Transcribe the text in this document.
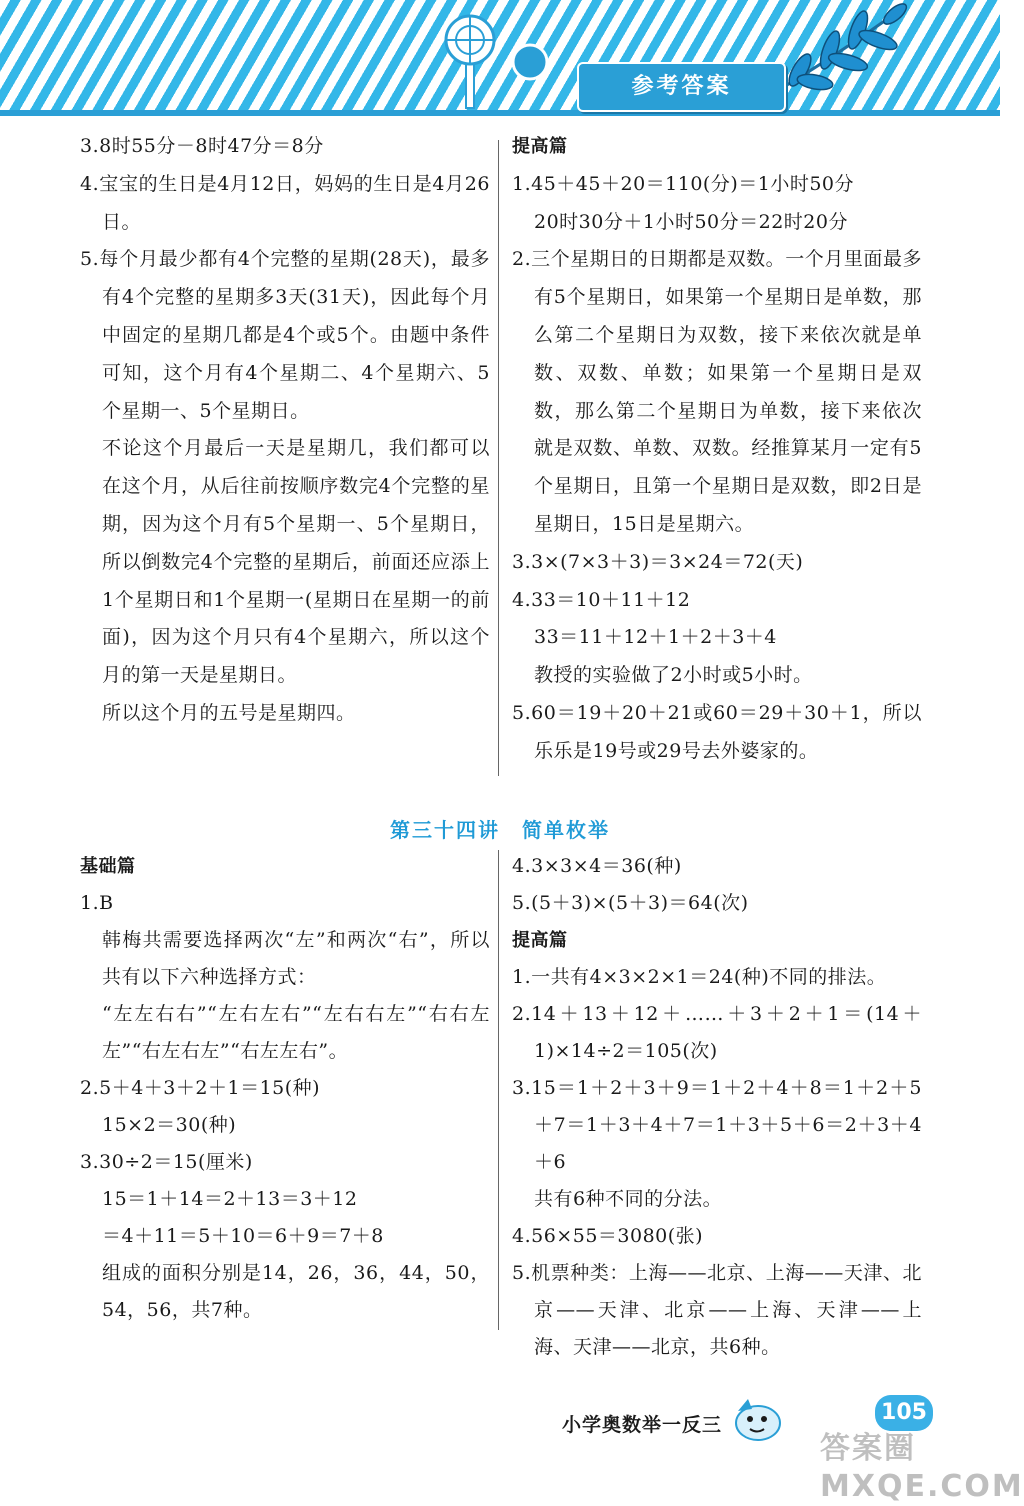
参考答案

3.8时55分－8时47分＝8分

4.宝宝的生日是4月12日，妈妈的生日是4月26日。

5.每个月最少都有4个完整的星期(28天)，最多有4个完整的星期多3天(31天)，因此每个月中固定的星期几都是4个或5个。由题中条件可知，这个月有4个星期二、4个星期六、5个星期一、5个星期日。

不论这个月最后一天是星期几，我们都可以在这个月，从后往前按顺序数完4个完整的星期，因为这个月有5个星期一、5个星期日，所以倒数完4个完整的星期后，前面还应添上1个星期日和1个星期一(星期日在星期一的前面)，因为这个月只有4个星期六，所以这个月的第一天是星期日。

所以这个月的五号是星期四。

提高篇

1.45＋45＋20＝110(分)＝1小时50分

20时30分＋1小时50分＝22时20分

2.三个星期日的日期都是双数。一个月里面最多有5个星期日，如果第一个星期日是单数，那么第二个星期日为双数，接下来依次就是单数、双数、单数；如果第一个星期日是双数，那么第二个星期日为单数，接下来依次就是双数、单数、双数。经推算某月一定有5个星期日，且第一个星期日是双数，即2日是星期日，15日是星期六。

3.3×(7×3＋3)＝3×24＝72(天)

4.33＝10＋11＋12

33＝11＋12＋1＋2＋3＋4

教授的实验做了2小时或5小时。

5.60＝19＋20＋21或60＝29＋30＋1，所以乐乐是19号或29号去外婆家的。

第三十四讲　简单枚举

基础篇

1.B

韩梅共需要选择两次“左”和两次“右”，所以共有以下六种选择方式：

“左左右右”“左右左右”“左右右左”“右右左左”“右左右左”“右左左右”。

2.5＋4＋3＋2＋1＝15(种)

15×2＝30(种)

3.30÷2＝15(厘米)

15＝1＋14＝2＋13＝3＋12

＝4＋11＝5＋10＝6＋9＝7＋8

组成的面积分别是14，26，36，44，50，54，56，共7种。

4.3×3×4＝36(种)

5.(5＋3)×(5＋3)＝64(次)

提高篇

1.一共有4×3×2×1＝24(种)不同的排法。

2.14＋13＋12＋……＋3＋2＋1＝(14＋1)×14÷2＝105(次)

3.15＝1＋2＋3＋9＝1＋2＋4＋8＝1＋2＋5＋7＝1＋3＋4＋7＝1＋3＋5＋6＝2＋3＋4＋6

共有6种不同的分法。

4.56×55＝3080(张)

5.机票种类：上海——北京、上海——天津、北京——天津、北京——上海、天津——上海、天津——北京，共6种。

小学奥数举一反三	105
答案圈 MXQE.COM
